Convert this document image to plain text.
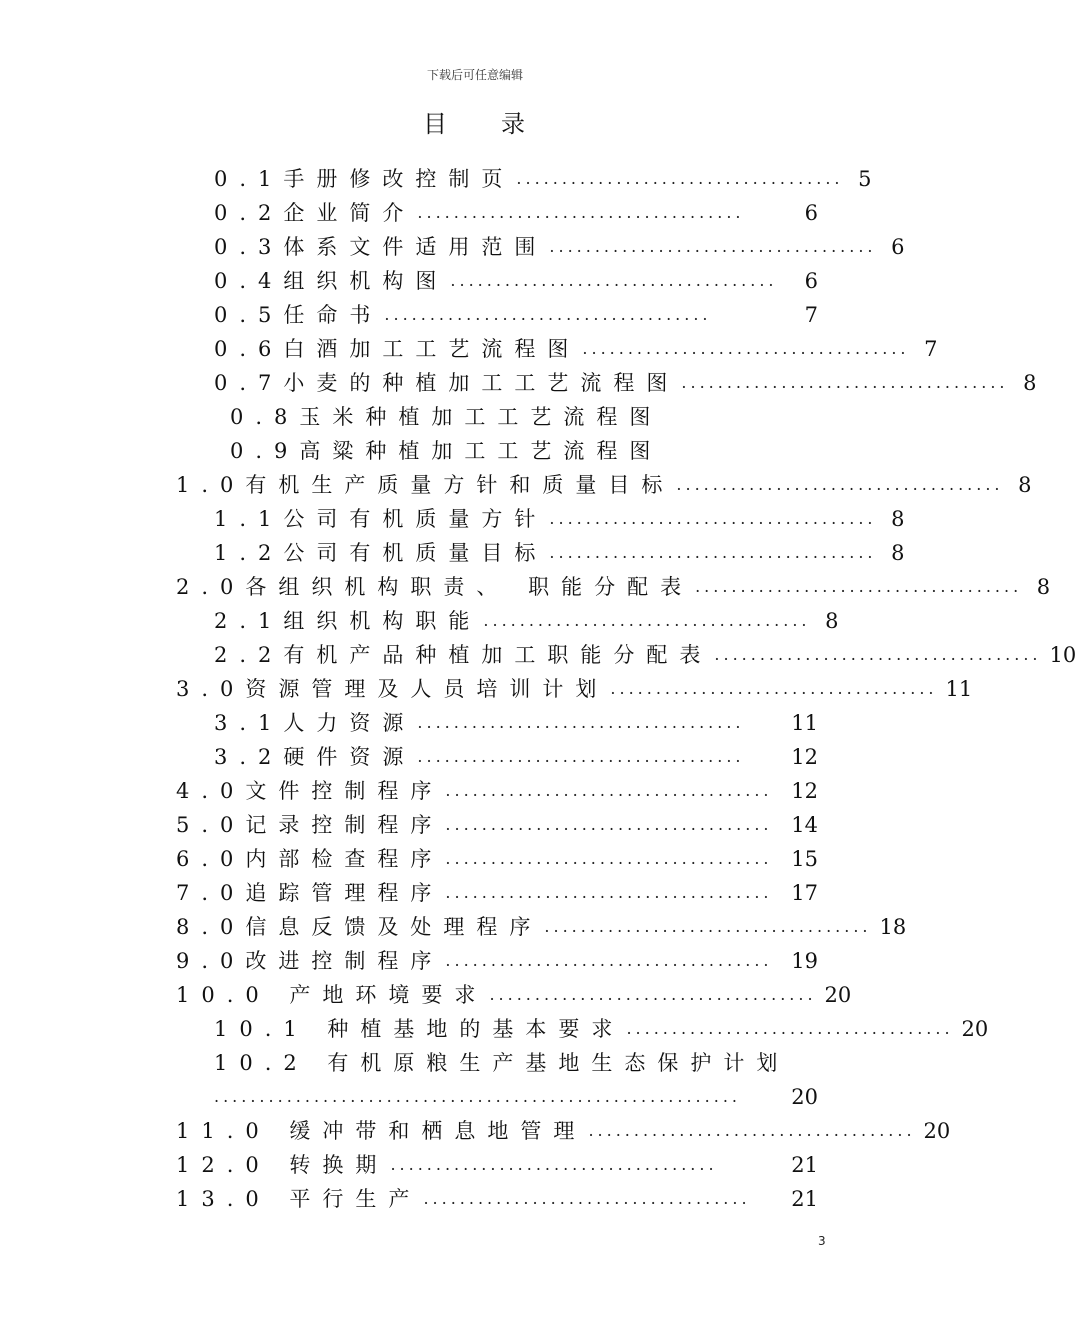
下载后可任意编辑
目 录
0.1手册修改控制页 .................................... 5
0.2企业简介 ....................................	6
0.3体系文件适用范围 .................................... 6
0.4组织机构图 ....................................	6
0.5任命书 ....................................	7
0.6白酒加工工艺流程图 .................................... 7
0.7小麦的种植加工工艺流程图 .................................... 8
0.8玉米种植加工工艺流程图
0.9高粱种植加工工艺流程图
1.0有机生产质量方针和质量目标 .................................... 8
1.1公司有机质量方针 .................................... 8
1.2公司有机质量目标 .................................... 8
2.0各组织机构职责、 职能分配表 .................................... 8
2.1组织机构职能 .................................... 8
2.2有机产品种植加工职能分配表 .................................... 10
3.0资源管理及人员培训计划 .................................... 11
3.1人力资源 ....................................	11
3.2硬件资源 ....................................	12
4.0文件控制程序 .................................... 12
5.0记录控制程序 .................................... 14
6.0内部检查程序 .................................... 15
7.0追踪管理程序 .................................... 17
8.0信息反馈及处理程序 .................................... 18
9.0改进控制程序 .................................... 19
10.0 产地环境要求 .................................... 20
10.1 种植基地的基本要求 .................................... 20
10.2 有机原粮生产基地生态保护计划
..........................................................	20
11.0 缓冲带和栖息地管理 .................................... 20
12.0 转换期 ....................................	21
13.0 平行生产 ....................................	21
3
